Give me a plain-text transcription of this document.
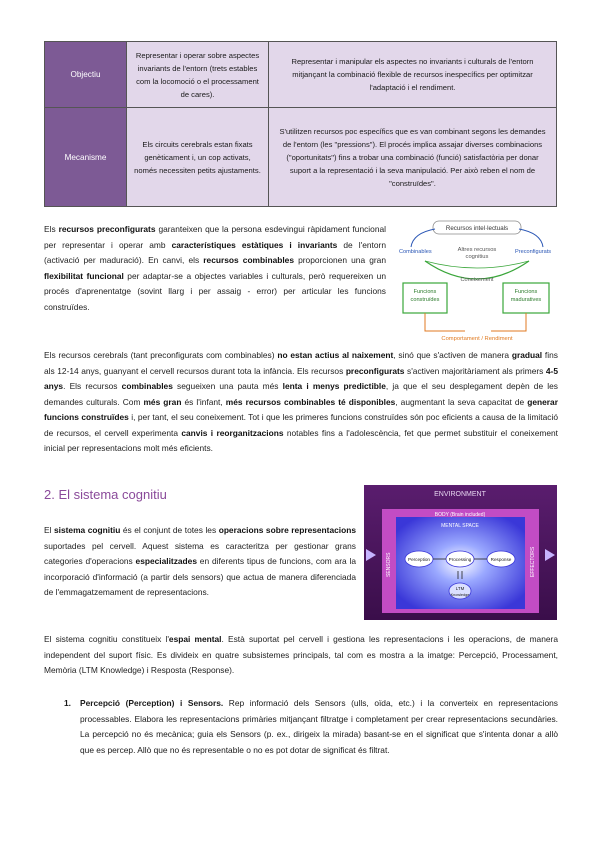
Objectiu	Representar i operar sobre aspectes invariants de l'entorn (trets estables com la locomoció o el processament de cares).	Representar i manipular els aspectes no invariants i culturals de l'entorn mitjançant la combinació flexible de recursos inespecífics per optimitzar l'adaptació i el rendiment.
Mecanisme	Els circuits cerebrals estan fixats genèticament i, un cop activats, només necessiten petits ajustaments.	S'utilitzen recursos poc específics que es van combinant segons les demandes de l'entorn (les "pressions"). El procés implica assajar diverses combinacions ("oportunitats") fins a trobar una combinació (funció) satisfactòria per donar suport a la representació i la seva manipulació. Per això reben el nom de "construïdes".

Els recursos preconfigurats garanteixen que la persona esdevingui ràpidament funcional per representar i operar amb característiques estàtiques i invariants de l'entorn (activació per maduració). En canvi, els recursos combinables proporcionen una gran flexibilitat funcional per adaptar-se a objectes variables i culturals, però requereixen un procés d'aprenentatge (sovint llarg i per assaig - error) per articular les funcions construïdes.

Recursos intel·lectuals
Combinables	Preconfigurats
Altres recursos
cognitius
Coneixement
Funcions
construïdes
Funcions
maduratives
Comportament / Rendiment

Els recursos cerebrals (tant preconfigurats com combinables) no estan actius al naixement, sinó que s'activen de manera gradual fins als 12-14 anys, guanyant el cervell recursos durant tota la infància. Els recursos preconfigurats s'activen majoritàriament als primers 4-5 anys. Els recursos combinables segueixen una pauta més lenta i menys predictible, ja que el seu desplegament depèn de les demandes culturals. Com més gran és l'infant, més recursos combinables té disponibles, augmentant la seva capacitat de generar funcions construïdes i, per tant, el seu coneixement. Tot i que les primeres funcions construïdes són poc eficients a causa de la limitació de recursos, el cervell experimenta canvis i reorganitzacions notables fins a l'adolescència, fet que permet substituir el coneixement inicial per representacions molt més eficients.

2. El sistema cognitiu	ENVIRONMENT
BODY (Brain included)
MENTAL SPACE
Perception	Processing	Response
LTM
Knowledge
SENSORS	EFFECTORS

El sistema cognitiu és el conjunt de totes les operacions sobre representacions suportades pel cervell. Aquest sistema es caracteritza per gestionar grans categories d'operacions especialitzades en diferents tipus de funcions, com ara la incorporació d'informació (a partir dels sensors) que actua de manera diferenciada de l'emmagatzemament de representacions.

El sistema cognitiu constitueix l'espai mental. Està suportat pel cervell i gestiona les representacions i les operacions, de manera independent del suport físic. Es divideix en quatre subsistemes principals, tal com es mostra a la imatge: Percepció, Processament, Memòria (LTM Knowledge) i Resposta (Response).

1. Percepció (Perception) i Sensors. Rep informació dels Sensors (ulls, oïda, etc.) i la converteix en representacions processables. Elabora les representacions primàries mitjançant filtratge i completament per crear representacions secundàries. La percepció no és mecànica; guia els Sensors (p. ex., dirigeix la mirada) basant-se en el significat que s'intenta donar a allò que es percep. Allò que no és representable o no es pot dotar de significat és filtrat.
